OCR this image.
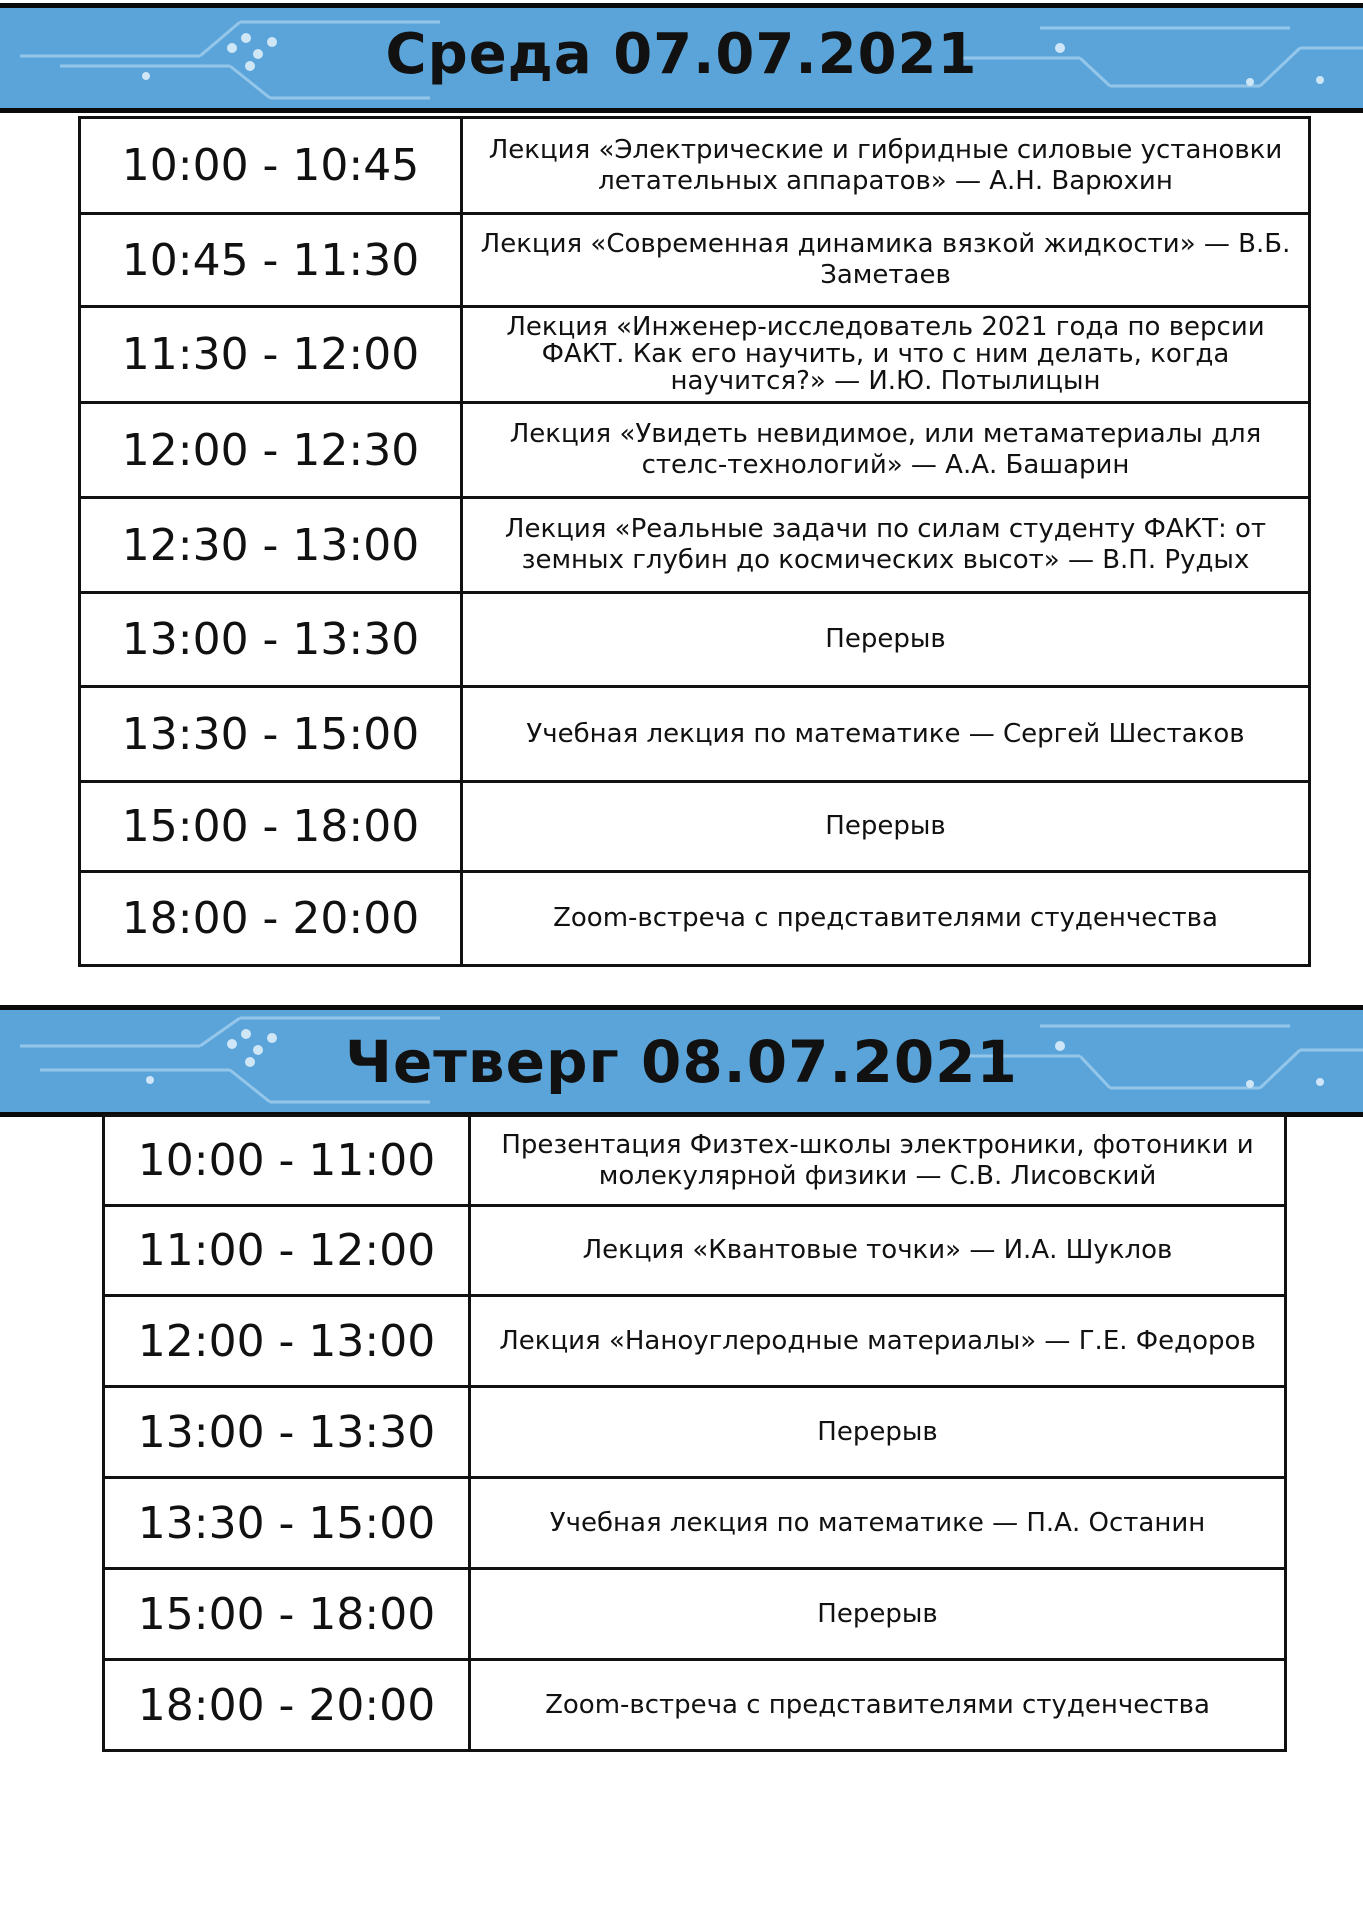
Среда 07.07.2021
10:00 - 10:45	Лекция «Электрические и гибридные силовые установки летательных аппаратов» — А.Н. Варюхин
10:45 - 11:30	Лекция «Современная динамика вязкой жидкости» — В.Б. Заметаев
11:30 - 12:00	Лекция «Инженер-исследователь 2021 года по версии ФАКТ. Как его научить, и что с ним делать, когда научится?» — И.Ю. Потылицын
12:00 - 12:30	Лекция «Увидеть невидимое, или метаматериалы для стелс-технологий» — А.А. Башарин
12:30 - 13:00	Лекция «Реальные задачи по силам студенту ФАКТ: от земных глубин до космических высот» — В.П. Рудых
13:00 - 13:30	Перерыв
13:30 - 15:00	Учебная лекция по математике — Сергей Шестаков
15:00 - 18:00	Перерыв
18:00 - 20:00	Zoom-встреча с представителями студенчества
Четверг 08.07.2021
10:00 - 11:00	Презентация Физтех-школы электроники, фотоники и молекулярной физики — С.В. Лисовский
11:00 - 12:00	Лекция «Квантовые точки» — И.А. Шуклов
12:00 - 13:00	Лекция «Наноуглеродные материалы» — Г.Е. Федоров
13:00 - 13:30	Перерыв
13:30 - 15:00	Учебная лекция по математике — П.А. Останин
15:00 - 18:00	Перерыв
18:00 - 20:00	Zoom-встреча с представителями студенчества
